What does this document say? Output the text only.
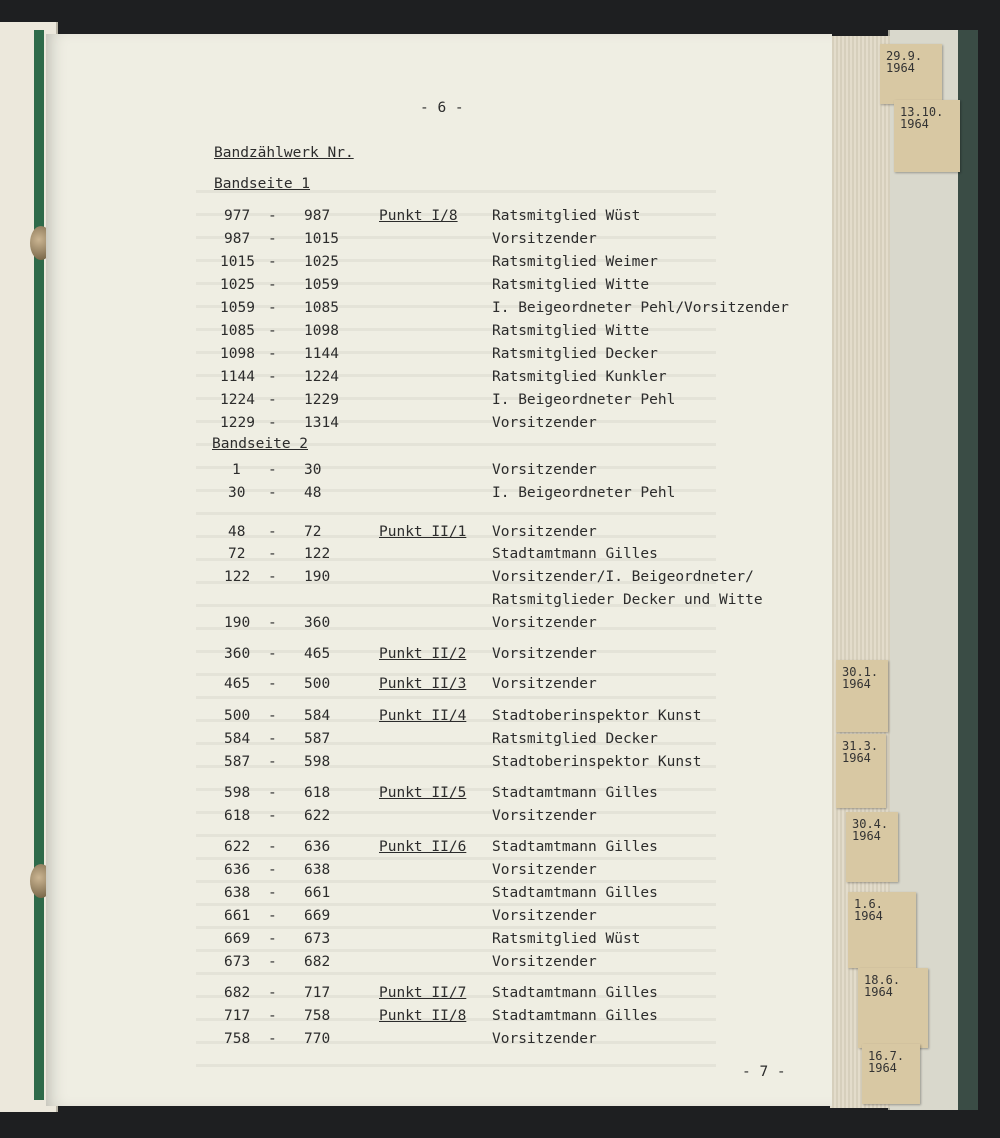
- 6 -
Bandzählwerk Nr.
Bandseite 1
Bandseite 2
977 - 987	Punkt I/8 Ratsmitglied Wüst
987 - 1015	Vorsitzender
1015 - 1025	Ratsmitglied Weimer
1025 - 1059	Ratsmitglied Witte
1059 - 1085	I. Beigeordneter Pehl/Vorsitzender
1085 - 1098	Ratsmitglied Witte
1098 - 1144	Ratsmitglied Decker
1144 - 1224	Ratsmitglied Kunkler
1224 - 1229	I. Beigeordneter Pehl
1229 - 1314	Vorsitzender
1 - 30	Vorsitzender
30 - 48	I. Beigeordneter Pehl
48 - 72	Punkt II/1 Vorsitzender
72 - 122	Stadtamtmann Gilles
122 - 190	Vorsitzender/I. Beigeordneter/
Ratsmitglieder Decker und Witte
190 - 360	Vorsitzender
360 - 465	Punkt II/2 Vorsitzender
465 - 500	Punkt II/3 Vorsitzender
500 - 584	Punkt II/4 Stadtoberinspektor Kunst
584 - 587	Ratsmitglied Decker
587 - 598	Stadtoberinspektor Kunst
598 - 618	Punkt II/5 Stadtamtmann Gilles
618 - 622	Vorsitzender
622 - 636	Punkt II/6 Stadtamtmann Gilles
636 - 638	Vorsitzender
638 - 661	Stadtamtmann Gilles
661 - 669	Vorsitzender
669 - 673	Ratsmitglied Wüst
673 - 682	Vorsitzender
682 - 717	Punkt II/7 Stadtamtmann Gilles
717 - 758	Punkt II/8 Stadtamtmann Gilles
758 - 770	Vorsitzender
- 7 -
29.9.
1964
13.10.
1964
30.1.
1964
31.3.
1964
30.4.
1964
1.6.
1964
18.6.
1964
16.7.
1964
